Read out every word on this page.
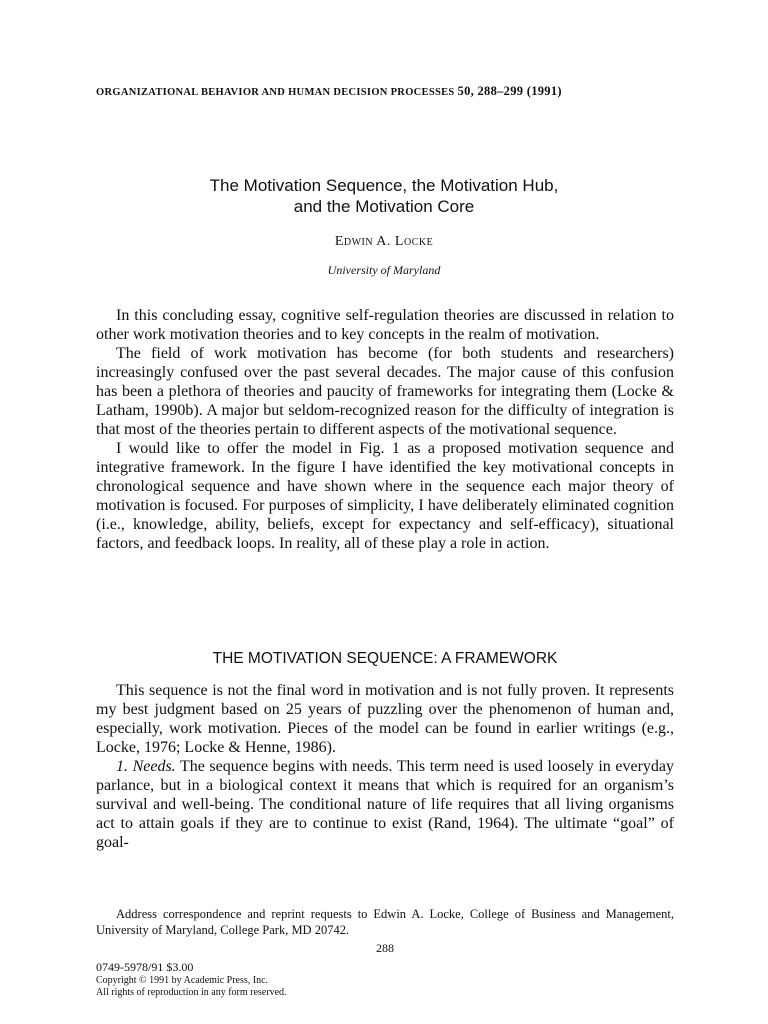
ORGANIZATIONAL BEHAVIOR AND HUMAN DECISION PROCESSES 50, 288–299 (1991)
The Motivation Sequence, the Motivation Hub,
and the Motivation Core
Edwin A. Locke
University of Maryland

In this concluding essay, cognitive self-regulation theories are discussed in relation to other work motivation theories and to key concepts in the realm of motivation.

The field of work motivation has become (for both students and researchers) increasingly confused over the past several decades. The major cause of this confusion has been a plethora of theories and paucity of frameworks for integrating them (Locke & Latham, 1990b). A major but seldom-recognized reason for the difficulty of integration is that most of the theories pertain to different aspects of the motivational sequence.

I would like to offer the model in Fig. 1 as a proposed motivation sequence and integrative framework. In the figure I have identified the key motivational concepts in chronological sequence and have shown where in the sequence each major theory of motivation is focused. For purposes of simplicity, I have deliberately eliminated cognition (i.e., knowledge, ability, beliefs, except for expectancy and self-efficacy), situational factors, and feedback loops. In reality, all of these play a role in action.

THE MOTIVATION SEQUENCE: A FRAMEWORK

This sequence is not the final word in motivation and is not fully proven. It represents my best judgment based on 25 years of puzzling over the phenomenon of human and, especially, work motivation. Pieces of the model can be found in earlier writings (e.g., Locke, 1976; Locke & Henne, 1986).

1. Needs. The sequence begins with needs. This term need is used loosely in everyday parlance, but in a biological context it means that which is required for an organism’s survival and well-being. The conditional nature of life requires that all living organisms act to attain goals if they are to continue to exist (Rand, 1964). The ultimate “goal” of goal-

Address correspondence and reprint requests to Edwin A. Locke, College of Business and Management, University of Maryland, College Park, MD 20742.

288
0749-5978/91 $3.00
Copyright © 1991 by Academic Press, Inc.
All rights of reproduction in any form reserved.
